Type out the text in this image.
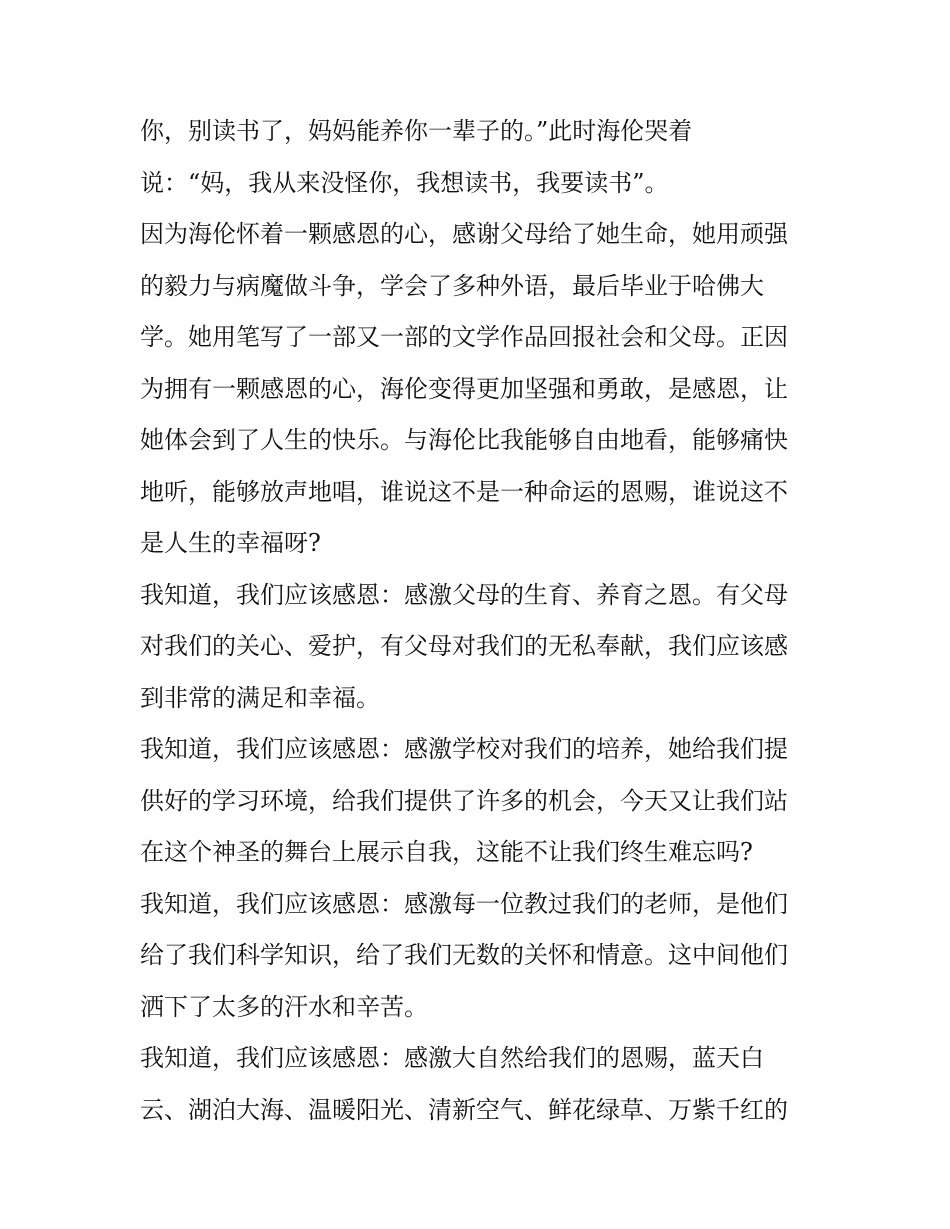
你，别读书了，妈妈能养你一辈子的。”此时海伦哭着
说：“妈，我从来没怪你，我想读书，我要读书”。
因为海伦怀着一颗感恩的心，感谢父母给了她生命，她用顽强
的毅力与病魔做斗争，学会了多种外语，最后毕业于哈佛大
学。她用笔写了一部又一部的文学作品回报社会和父母。正因
为拥有一颗感恩的心，海伦变得更加坚强和勇敢，是感恩，让
她体会到了人生的快乐。与海伦比我能够自由地看，能够痛快
地听，能够放声地唱，谁说这不是一种命运的恩赐，谁说这不
是人生的幸福呀?
我知道，我们应该感恩：感激父母的生育、养育之恩。有父母
对我们的关心、爱护，有父母对我们的无私奉献，我们应该感
到非常的满足和幸福。
我知道，我们应该感恩：感激学校对我们的培养，她给我们提
供好的学习环境，给我们提供了许多的机会，今天又让我们站
在这个神圣的舞台上展示自我，这能不让我们终生难忘吗?
我知道，我们应该感恩：感激每一位教过我们的老师，是他们
给了我们科学知识，给了我们无数的关怀和情意。这中间他们
洒下了太多的汗水和辛苦。
我知道，我们应该感恩：感激大自然给我们的恩赐，蓝天白
云、湖泊大海、温暖阳光、清新空气、鲜花绿草、万紫千红的
